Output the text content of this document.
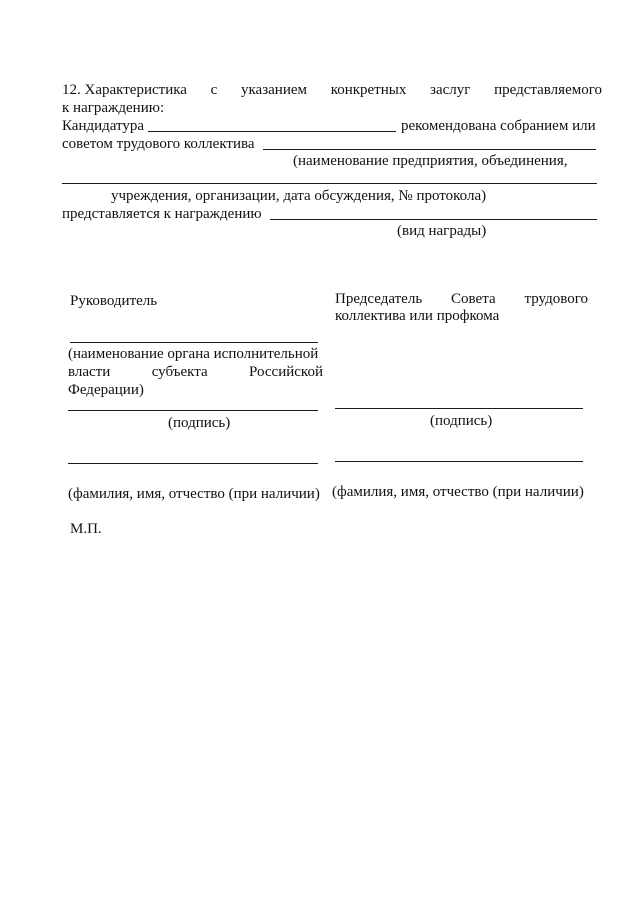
12. Характеристика с указанием конкретных заслуг представляемого
к награждению:
Кандидатура	рекомендована собранием или
советом трудового коллектива
(наименование предприятия, объединения,
учреждения, организации, дата обсуждения, № протокола)
представляется к награждению
(вид награды)
Руководитель	Председатель Совета трудового
коллектива или профкома
(наименование органа исполнительной
власти	субъекта	Российской
Федерации)
(подпись)	(подпись)
(фамилия, имя, отчество (при наличии) (фамилия, имя, отчество (при наличии)
М.П.
